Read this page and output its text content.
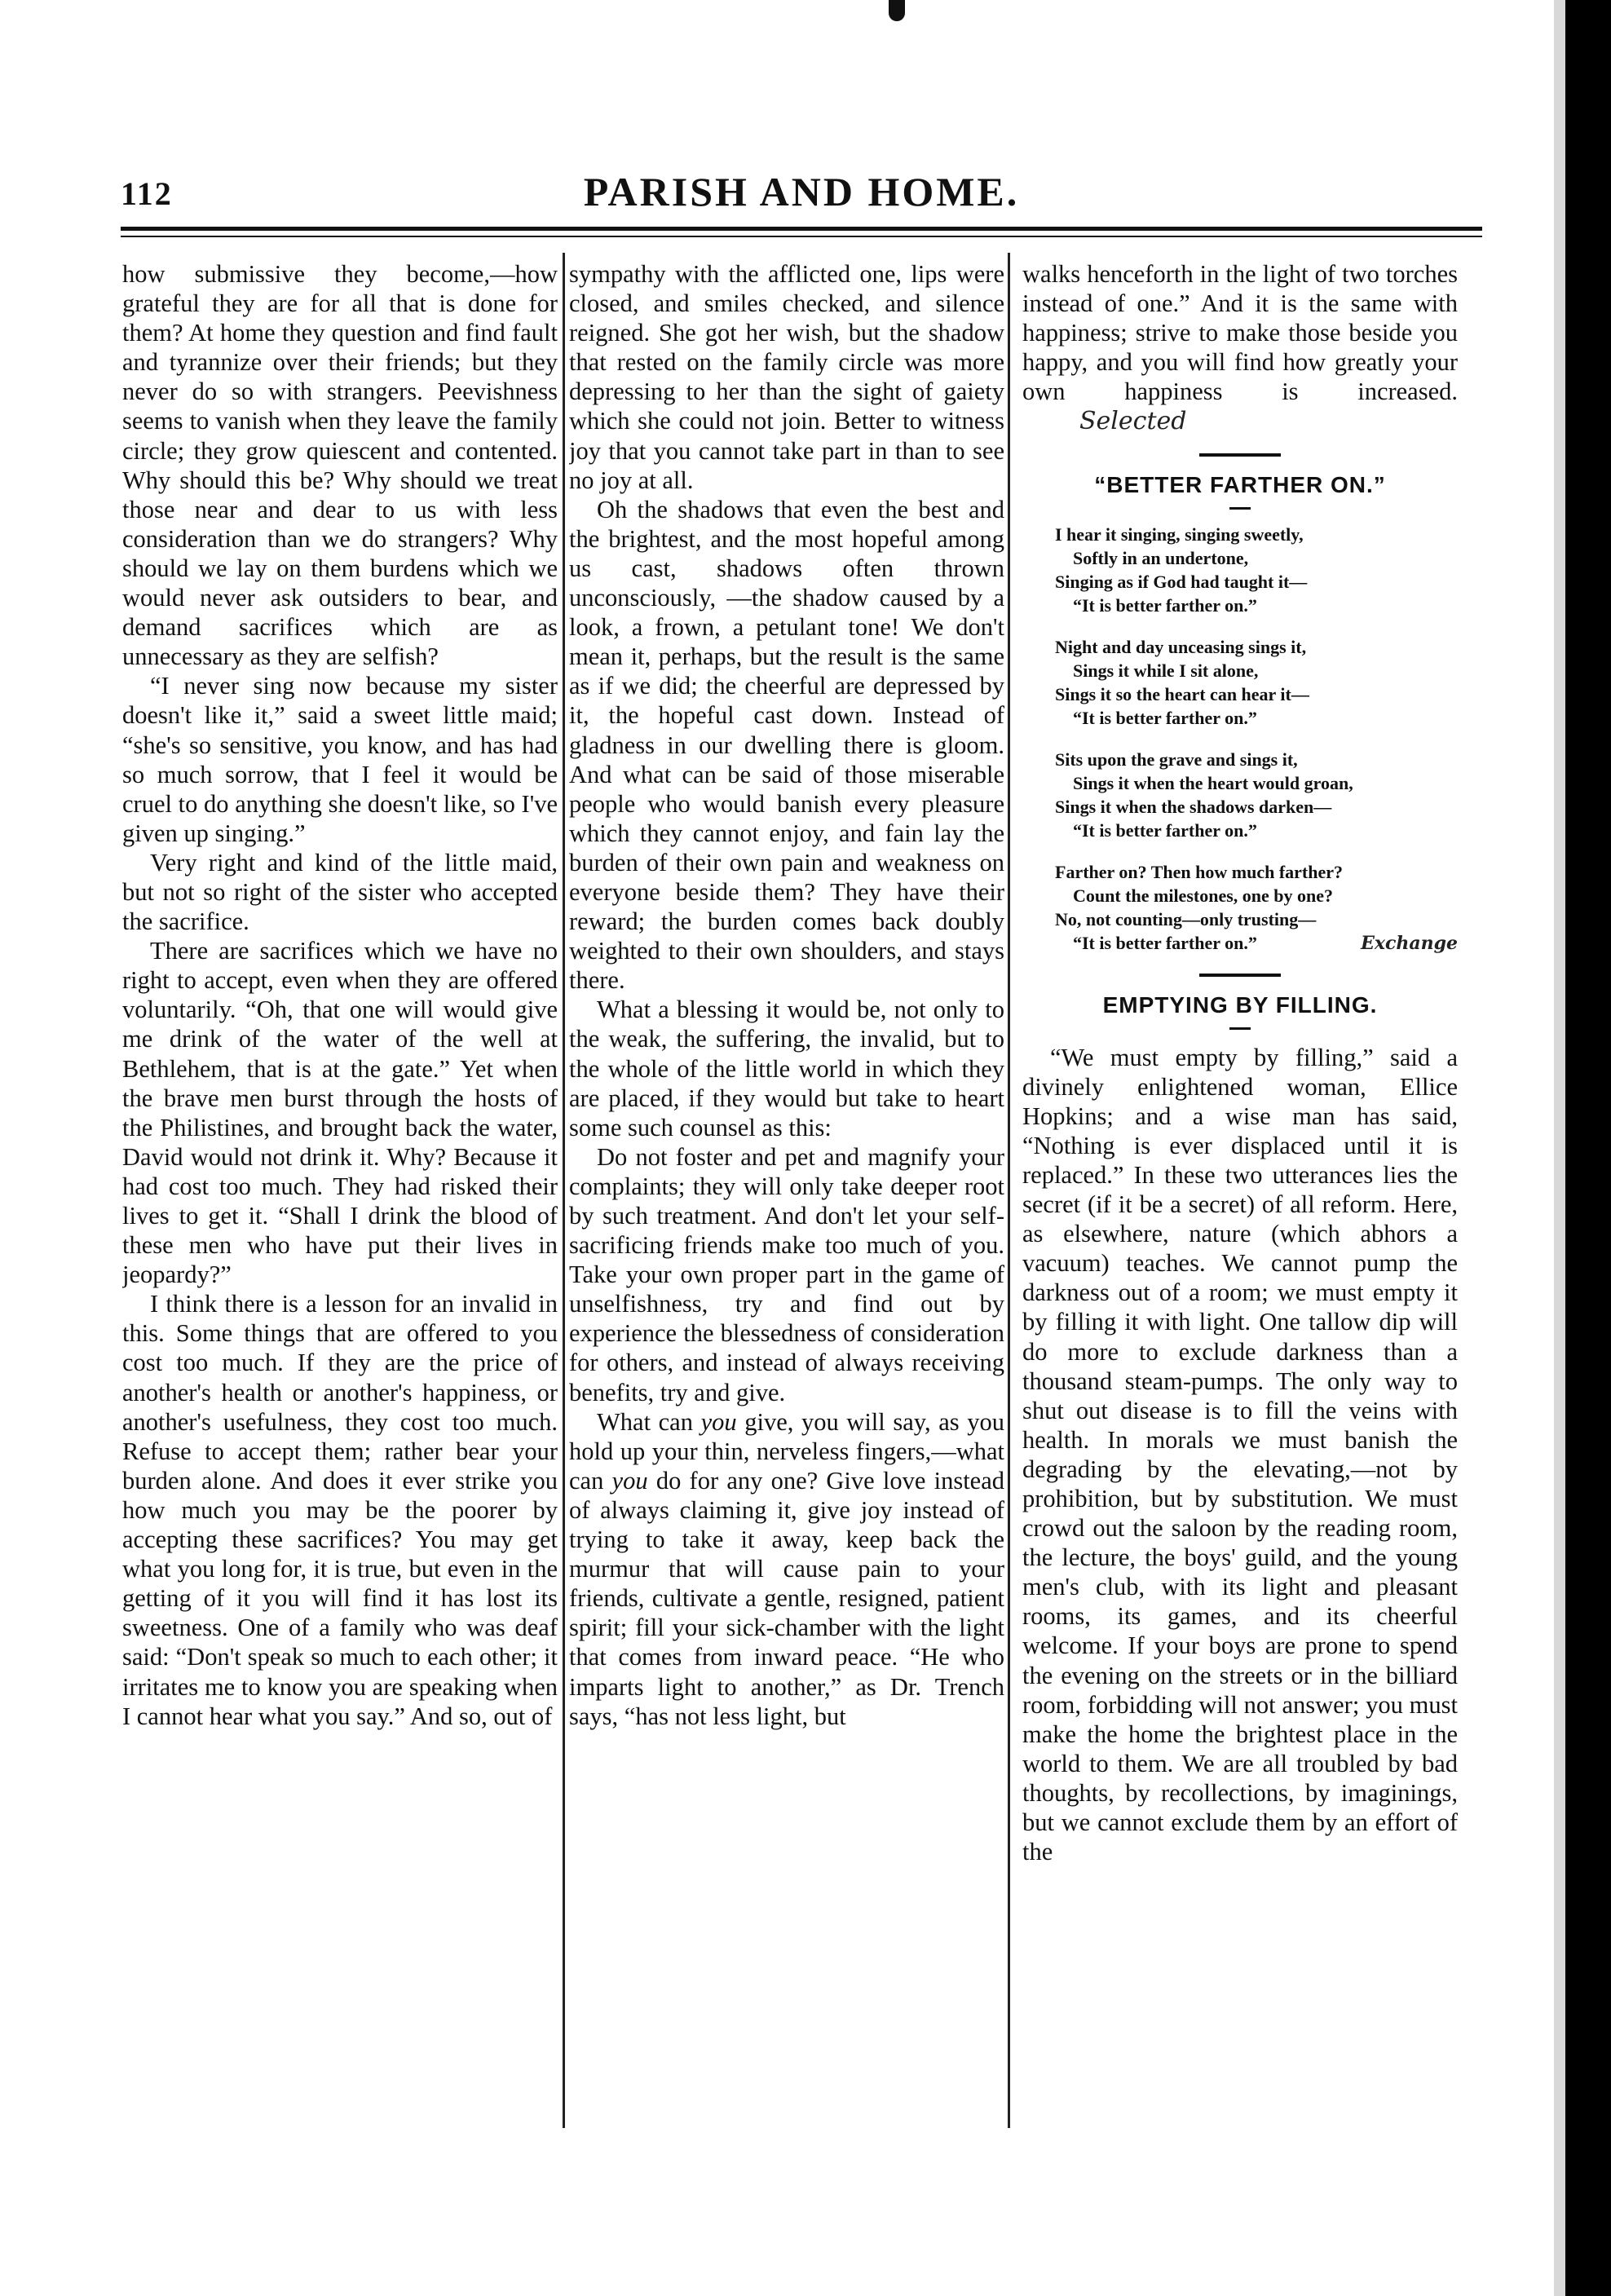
112	PARISH AND HOME.

how submissive they become,—how grateful they are for all that is done for them? At home they question and find fault and tyrannize over their friends; but they never do so with strangers. Peevishness seems to vanish when they leave the family circle; they grow quiescent and contented. Why should this be? Why should we treat those near and dear to us with less consideration than we do strangers? Why should we lay on them burdens which we would never ask outsiders to bear, and demand sacrifices which are as unnecessary as they are selfish?

“I never sing now because my sister doesn't like it,” said a sweet little maid; “she's so sensitive, you know, and has had so much sorrow, that I feel it would be cruel to do anything she doesn't like, so I've given up singing.”

Very right and kind of the little maid, but not so right of the sister who accepted the sacrifice.

There are sacrifices which we have no right to accept, even when they are offered voluntarily. “Oh, that one will would give me drink of the water of the well at Bethlehem, that is at the gate.” Yet when the brave men burst through the hosts of the Philistines, and brought back the water, David would not drink it. Why? Because it had cost too much. They had risked their lives to get it. “Shall I drink the blood of these men who have put their lives in jeopardy?”

I think there is a lesson for an invalid in this. Some things that are offered to you cost too much. If they are the price of another's health or another's happiness, or another's usefulness, they cost too much. Refuse to accept them; rather bear your burden alone. And does it ever strike you how much you may be the poorer by accepting these sacrifices? You may get what you long for, it is true, but even in the getting of it you will find it has lost its sweetness. One of a family who was deaf said: “Don't speak so much to each other; it irritates me to know you are speaking when I cannot hear what you say.” And so, out of

sympathy with the afflicted one, lips were closed, and smiles checked, and silence reigned. She got her wish, but the shadow that rested on the family circle was more depressing to her than the sight of gaiety which she could not join. Better to witness joy that you cannot take part in than to see no joy at all.

Oh the shadows that even the best and the brightest, and the most hopeful among us cast, shadows often thrown unconsciously, —the shadow caused by a look, a frown, a petulant tone! We don't mean it, perhaps, but the result is the same as if we did; the cheerful are depressed by it, the hopeful cast down. Instead of gladness in our dwelling there is gloom. And what can be said of those miserable people who would banish every pleasure which they cannot enjoy, and fain lay the burden of their own pain and weakness on everyone beside them? They have their reward; the burden comes back doubly weighted to their own shoulders, and stays there.

What a blessing it would be, not only to the weak, the suffering, the invalid, but to the whole of the little world in which they are placed, if they would but take to heart some such counsel as this:

Do not foster and pet and magnify your complaints; they will only take deeper root by such treatment. And don't let your self-sacrificing friends make too much of you. Take your own proper part in the game of unselfishness, try and find out by experience the blessedness of consideration for others, and instead of always receiving benefits, try and give.

What can you give, you will say, as you hold up your thin, nerveless fingers,—what can you do for any one? Give love instead of always claiming it, give joy instead of trying to take it away, keep back the murmur that will cause pain to your friends, cultivate a gentle, resigned, patient spirit; fill your sick-chamber with the light that comes from inward peace. “He who imparts light to another,” as Dr. Trench says, “has not less light, but

walks henceforth in the light of two torches instead of one.” And it is the same with happiness; strive to make those beside you happy, and you will find how greatly your own happiness is increased.Selected

“BETTER FARTHER ON.”
I hear it singing, singing sweetly,
Softly in an undertone,
Singing as if God had taught it—
“It is better farther on.”
Night and day unceasing sings it,
Sings it while I sit alone,
Sings it so the heart can hear it—
“It is better farther on.”
Sits upon the grave and sings it,
Sings it when the heart would groan,
Sings it when the shadows darken—
“It is better farther on.”
Farther on? Then how much farther?
Count the milestones, one by one?
No, not counting—only trusting—
“It is better farther on.”	Exchange
EMPTYING BY FILLING.

“We must empty by filling,” said a divinely enlightened woman, Ellice Hopkins; and a wise man has said, “Nothing is ever displaced until it is replaced.” In these two utterances lies the secret (if it be a secret) of all reform. Here, as elsewhere, nature (which abhors a vacuum) teaches. We cannot pump the darkness out of a room; we must empty it by filling it with light. One tallow dip will do more to exclude darkness than a thousand steam-pumps. The only way to shut out disease is to fill the veins with health. In morals we must banish the degrading by the elevating,—not by prohibition, but by substitution. We must crowd out the saloon by the reading room, the lecture, the boys' guild, and the young men's club, with its light and pleasant rooms, its games, and its cheerful welcome. If your boys are prone to spend the evening on the streets or in the billiard room, forbidding will not answer; you must make the home the brightest place in the world to them. We are all troubled by bad thoughts, by recollections, by imaginings, but we cannot exclude them by an effort of the
